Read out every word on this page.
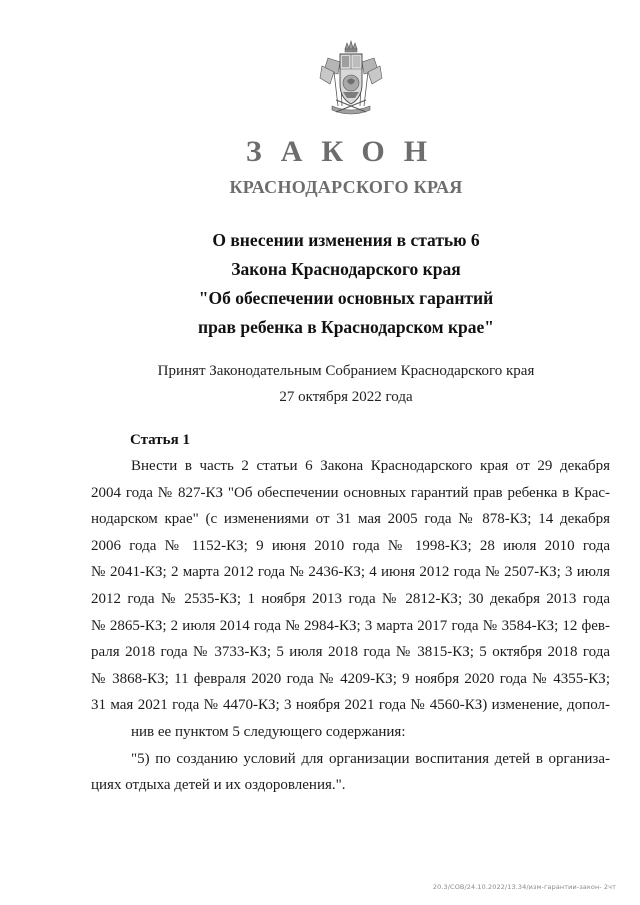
ЗАКОН
КРАСНОДАРСКОГО КРАЯ
О внесении изменения в статью 6
Закона Краснодарского края
"Об обеспечении основных гарантий
прав ребенка в Краснодарском крае"
Принят Законодательным Собранием Краснодарского края
27 октября 2022 года
Статья 1
Внести в часть 2 статьи 6 Закона Краснодарского края от 29 декабря
2004 года № 827-КЗ "Об обеспечении основных гарантий прав ребенка в Крас-
нодарском крае" (с изменениями от 31 мая 2005 года № 878-КЗ; 14 декабря
2006 года № 1152-КЗ; 9 июня 2010 года № 1998-КЗ; 28 июля 2010 года
№ 2041-КЗ; 2 марта 2012 года № 2436-КЗ; 4 июня 2012 года № 2507-КЗ; 3 июля
2012 года № 2535-КЗ; 1 ноября 2013 года № 2812-КЗ; 30 декабря 2013 года
№ 2865-КЗ; 2 июля 2014 года № 2984-КЗ; 3 марта 2017 года № 3584-КЗ; 12 фев-
раля 2018 года № 3733-КЗ; 5 июля 2018 года № 3815-КЗ; 5 октября 2018 года
№ 3868-КЗ; 11 февраля 2020 года № 4209-КЗ; 9 ноября 2020 года № 4355-КЗ;
31 мая 2021 года № 4470-КЗ; 3 ноября 2021 года № 4560-КЗ) изменение, допол-
нив ее пунктом 5 следующего содержания:
"5) по созданию условий для организации воспитания детей в организа-
циях отдыха детей и их оздоровления.".
20.3/СОВ/24.10.2022/13.34/изм-гарантии-закон- 2чт
